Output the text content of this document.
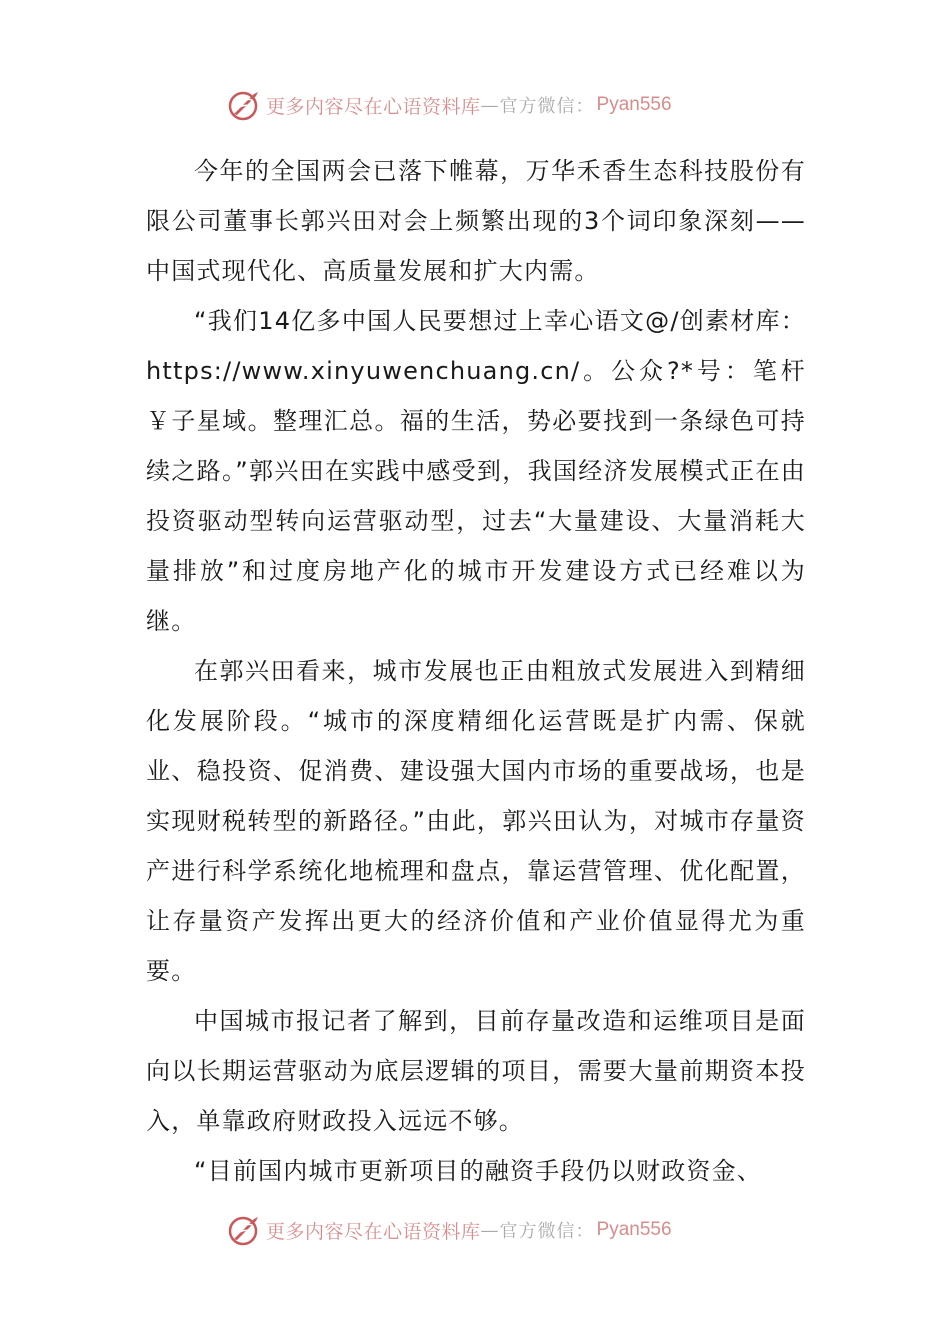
更多内容尽在心语资料库 — 官方微信： Pyan556

今年的全国两会已落下帷幕，万华禾香生态科技股份有限公司董事长郭兴田对会上频繁出现的3个词印象深刻——中国式现代化、高质量发展和扩大内需。

“我们14亿多中国人民要想过上幸心语文@/创素材库：https://www.xinyuwenchuang.cn/。公众?*号：笔杆￥子星域。整理汇总。福的生活，势必要找到一条绿色可持续之路。”郭兴田在实践中感受到，我国经济发展模式正在由投资驱动型转向运营驱动型，过去“大量建设、大量消耗大量排放”和过度房地产化的城市开发建设方式已经难以为继。

在郭兴田看来，城市发展也正由粗放式发展进入到精细化发展阶段。“城市的深度精细化运营既是扩内需、保就业、稳投资、促消费、建设强大国内市场的重要战场，也是实现财税转型的新路径。”由此，郭兴田认为，对城市存量资产进行科学系统化地梳理和盘点，靠运营管理、优化配置，让存量资产发挥出更大的经济价值和产业价值显得尤为重要。

中国城市报记者了解到，目前存量改造和运维项目是面向以长期运营驱动为底层逻辑的项目，需要大量前期资本投入，单靠政府财政投入远远不够。

“目前国内城市更新项目的融资手段仍以财政资金、

更多内容尽在心语资料库 — 官方微信： Pyan556
